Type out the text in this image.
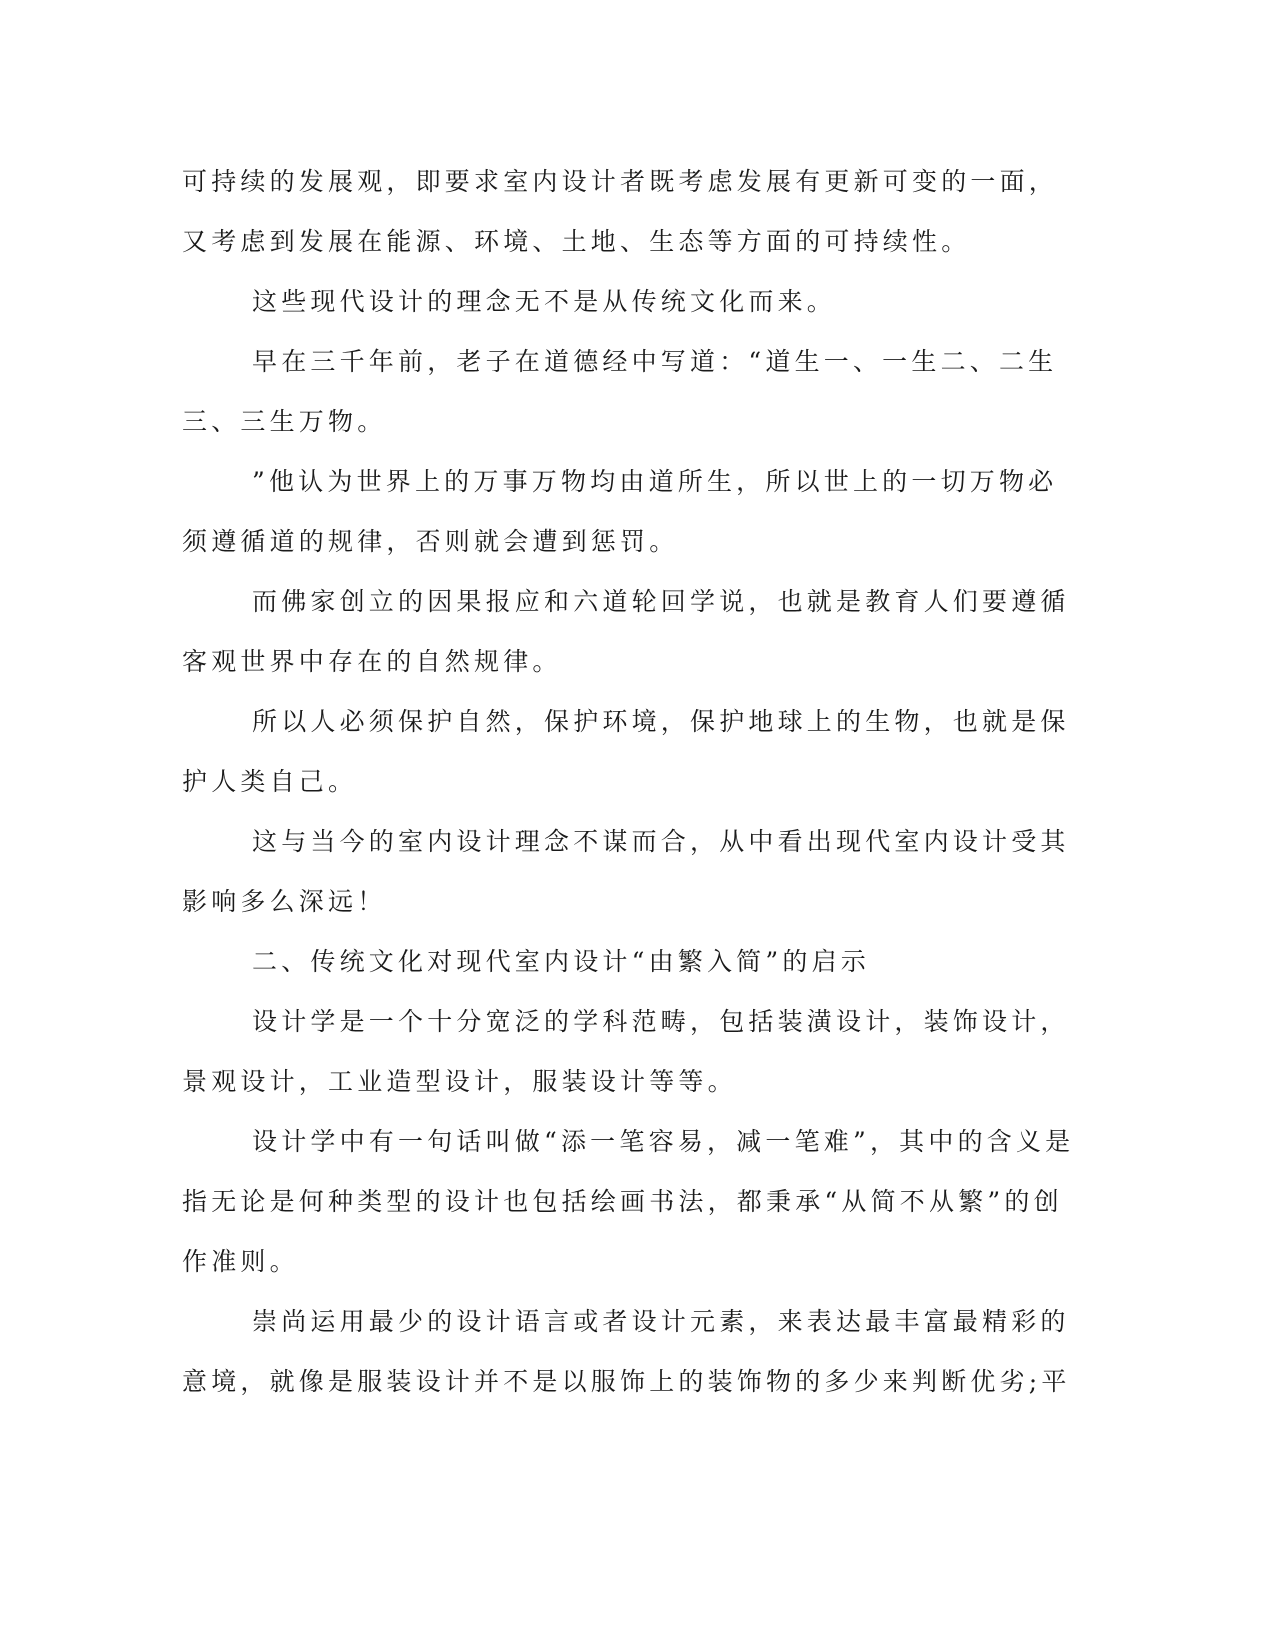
可持续的发展观，即要求室内设计者既考虑发展有更新可变的一面，
又考虑到发展在能源、环境、土地、生态等方面的可持续性。
这些现代设计的理念无不是从传统文化而来。
早在三千年前，老子在道德经中写道：“道生一、一生二、二生
三、三生万物。
”他认为世界上的万事万物均由道所生，所以世上的一切万物必
须遵循道的规律，否则就会遭到惩罚。
而佛家创立的因果报应和六道轮回学说，也就是教育人们要遵循
客观世界中存在的自然规律。
所以人必须保护自然，保护环境，保护地球上的生物，也就是保
护人类自己。
这与当今的室内设计理念不谋而合，从中看出现代室内设计受其
影响多么深远！
二、传统文化对现代室内设计“由繁入简”的启示
设计学是一个十分宽泛的学科范畴，包括装潢设计，装饰设计，
景观设计，工业造型设计，服装设计等等。
设计学中有一句话叫做“添一笔容易，减一笔难”，其中的含义是
指无论是何种类型的设计也包括绘画书法，都秉承“从简不从繁”的创
作准则。
崇尚运用最少的设计语言或者设计元素，来表达最丰富最精彩的
意境，就像是服装设计并不是以服饰上的装饰物的多少来判断优劣;平
